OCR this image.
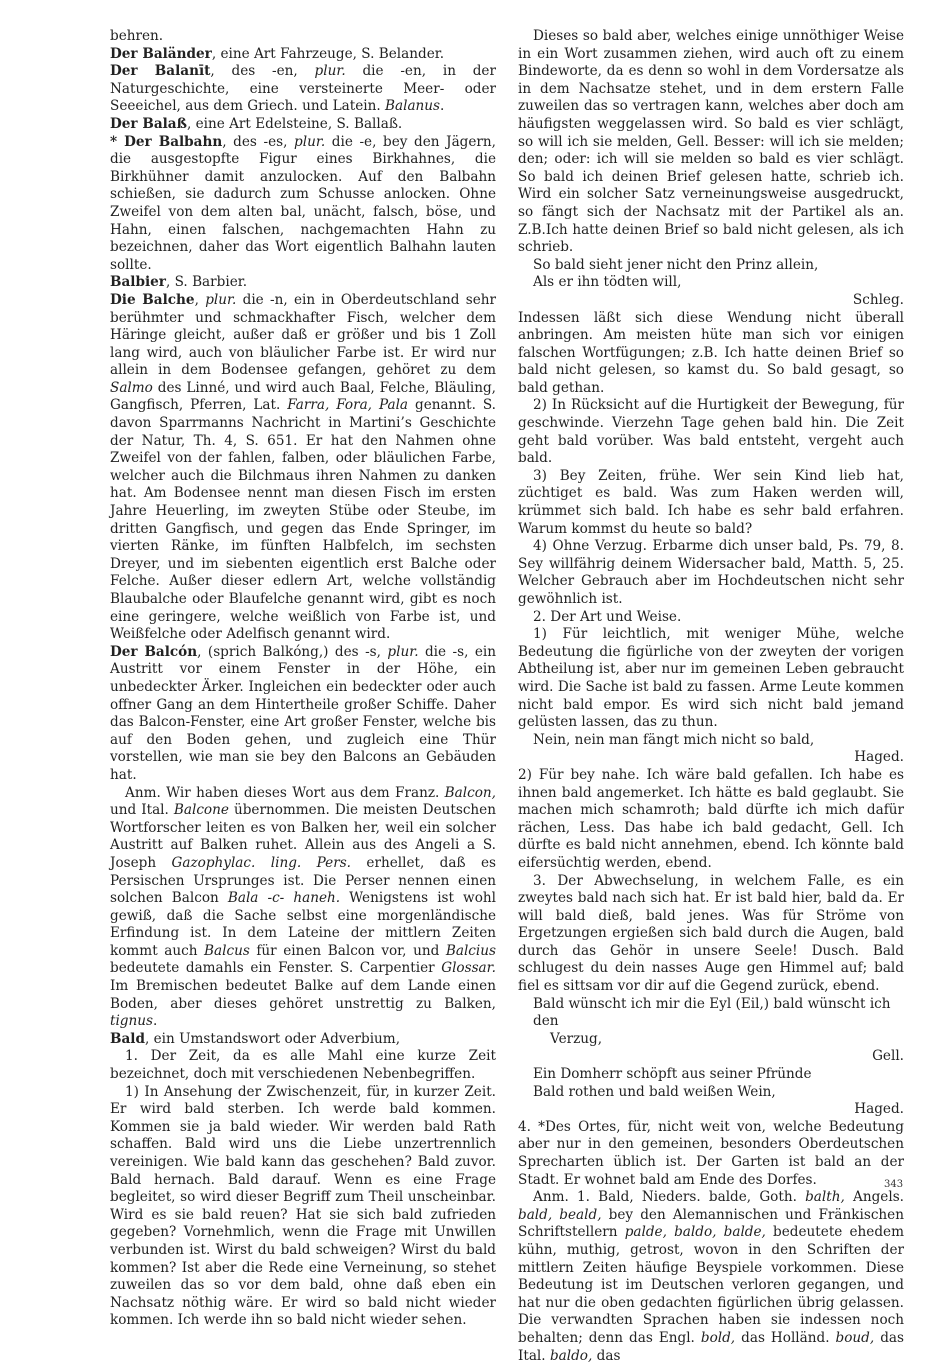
behren.

Der Baländer, eine Art Fahrzeuge, S. Belander.

Der Balanīt, des -en, plur. die -en, in der Naturgeschichte, eine versteinerte Meer- oder Seeeichel, aus dem Griech. und Latein. Balanus.

Der Balaß, eine Art Edelsteine, S. Ballaß.

* Der Balbahn, des -es, plur. die -e, bey den Jägern, die ausgestopfte Figur eines Birkhahnes, die Birkhühner damit anzulocken. Auf den Balbahn schießen, sie dadurch zum Schusse anlocken. Ohne Zweifel von dem alten bal, unächt, falsch, böse, und Hahn, einen falschen, nachgemachten Hahn zu bezeichnen, daher das Wort eigentlich Balhahn lauten sollte.

Balbier, S. Barbier.

Die Balche, plur. die -n, ein in Oberdeutschland sehr berühmter und schmackhafter Fisch, welcher dem Häringe gleicht, außer daß er größer und bis 1 Zoll lang wird, auch von bläulicher Farbe ist. Er wird nur allein in dem Bodensee gefangen, gehöret zu dem Salmo des Linné, und wird auch Baal, Felche, Bläuling, Gangfisch, Pferren, Lat. Farra, Fora, Pala genannt. S. davon Sparrmanns Nachricht in Martini’s Geschichte der Natur, Th. 4, S. 651. Er hat den Nahmen ohne Zweifel von der fahlen, falben, oder bläulichen Farbe, welcher auch die Bilchmaus ihren Nahmen zu danken hat. Am Bodensee nennt man diesen Fisch im ersten Jahre Heuerling, im zweyten Stübe oder Steube, im dritten Gangfisch, und gegen das Ende Springer, im vierten Ränke, im fünften Halbfelch, im sechsten Dreyer, und im siebenten eigentlich erst Balche oder Felche. Außer dieser edlern Art, welche vollständig Blaubalche oder Blaufelche genannt wird, gibt es noch eine geringere, welche weißlich von Farbe ist, und Weißfelche oder Adelfisch genannt wird.

Der Balcón, (sprich Balkóng,) des -s, plur. die -s, ein Austritt vor einem Fenster in der Höhe, ein unbedeckter Ärker. Ingleichen ein bedeckter oder auch offner Gang an dem Hintertheile großer Schiffe. Daher das Balcon-Fenster, eine Art großer Fenster, welche bis auf den Boden gehen, und zugleich eine Thür vorstellen, wie man sie bey den Balcons an Gebäuden hat.

Anm. Wir haben dieses Wort aus dem Franz. Balcon, und Ital. Balcone übernommen. Die meisten Deutschen Wortforscher leiten es von Balken her, weil ein solcher Austritt auf Balken ruhet. Allein aus des Angeli a S. Joseph Gazophylac. ling. Pers. erhellet, daß es Persischen Ursprunges ist. Die Perser nennen einen solchen Balcon Bala -c- haneh. Wenigstens ist wohl gewiß, daß die Sache selbst eine morgenländische Erfindung ist. In dem Lateine der mittlern Zeiten kommt auch Balcus für einen Balcon vor, und Balcius bedeutete damahls ein Fenster. S. Carpentier Glossar. Im Bremischen bedeutet Balke auf dem Lande einen Boden, aber dieses gehöret unstrettig zu Balken, tignus.

Bald, ein Umstandswort oder Adverbium,

1. Der Zeit, da es alle Mahl eine kurze Zeit bezeichnet, doch mit verschiedenen Nebenbegriffen.

1) In Ansehung der Zwischenzeit, für, in kurzer Zeit. Er wird bald sterben. Ich werde bald kommen. Kommen sie ja bald wieder. Wir werden bald Rath schaffen. Bald wird uns die Liebe unzertrennlich vereinigen. Wie bald kann das geschehen? Bald zuvor. Bald hernach. Bald darauf. Wenn es eine Frage begleitet, so wird dieser Begriff zum Theil unscheinbar. Wird es sie bald reuen? Hat sie sich bald zufrieden gegeben? Vornehmlich, wenn die Frage mit Unwillen verbunden ist. Wirst du bald schweigen? Wirst du bald kommen? Ist aber die Rede eine Verneinung, so stehet zuweilen das so vor dem bald, ohne daß eben ein Nachsatz nöthig wäre. Er wird so bald nicht wieder kommen. Ich werde ihn so bald nicht wieder sehen.

Dieses so bald aber, welches einige unnöthiger Weise in ein Wort zusammen ziehen, wird auch oft zu einem Bindeworte, da es denn so wohl in dem Vordersatze als in dem Nachsatze stehet, und in dem erstern Falle zuweilen das so vertragen kann, welches aber doch am häufigsten weggelassen wird. So bald es vier schlägt, so will ich sie melden, Gell. Besser: will ich sie melden; den; oder: ich will sie melden so bald es vier schlägt. So bald ich deinen Brief gelesen hatte, schrieb ich. Wird ein solcher Satz verneinungsweise ausgedruckt, so fängt sich der Nachsatz mit der Partikel als an. Z.B.Ich hatte deinen Brief so bald nicht gelesen, als ich schrieb.

So bald sieht jener nicht den Prinz allein,

Als er ihn tödten will,

Schleg.

Indessen läßt sich diese Wendung nicht überall anbringen. Am meisten hüte man sich vor einigen falschen Wortfügungen; z.B. Ich hatte deinen Brief so bald nicht gelesen, so kamst du. So bald gesagt, so bald gethan.

2) In Rücksicht auf die Hurtigkeit der Bewegung, für geschwinde. Vierzehn Tage gehen bald hin. Die Zeit geht bald vorüber. Was bald entsteht, vergeht auch bald.

3) Bey Zeiten, frühe. Wer sein Kind lieb hat, züchtiget es bald. Was zum Haken werden will, krümmet sich bald. Ich habe es sehr bald erfahren. Warum kommst du heute so bald?

4) Ohne Verzug. Erbarme dich unser bald, Ps. 79, 8. Sey willfährig deinem Widersacher bald, Matth. 5, 25. Welcher Gebrauch aber im Hochdeutschen nicht sehr gewöhnlich ist.

2. Der Art und Weise.

1) Für leichtlich, mit weniger Mühe, welche Bedeutung die figürliche von der zweyten der vorigen Abtheilung ist, aber nur im gemeinen Leben gebraucht wird. Die Sache ist bald zu fassen. Arme Leute kommen nicht bald empor. Es wird sich nicht bald jemand gelüsten lassen, das zu thun.

Nein, nein man fängt mich nicht so bald,

Haged.

2) Für bey nahe. Ich wäre bald gefallen. Ich habe es ihnen bald angemerket. Ich hätte es bald geglaubt. Sie machen mich schamroth; bald dürfte ich mich dafür rächen, Less. Das habe ich bald gedacht, Gell. Ich dürfte es bald nicht annehmen, ebend. Ich könnte bald eifersüchtig werden, ebend.

3. Der Abwechselung, in welchem Falle, es ein zweytes bald nach sich hat. Er ist bald hier, bald da. Er will bald dieß, bald jenes. Was für Ströme von Ergetzungen ergießen sich bald durch die Augen, bald durch das Gehör in unsere Seele! Dusch. Bald schlugest du dein nasses Auge gen Himmel auf; bald fiel es sittsam vor dir auf die Gegend zurück, ebend.

Bald wünscht ich mir die Eyl (Eil,) bald wünscht ich den

Verzug,

Gell.

Ein Domherr schöpft aus seiner Pfründe

Bald rothen und bald weißen Wein,

Haged.

4. *Des Ortes, für, nicht weit von, welche Bedeutung aber nur in den gemeinen, besonders Oberdeutschen Sprecharten üblich ist. Der Garten ist bald an der Stadt. Er wohnet bald am Ende des Dorfes.

Anm. 1. Bald, Nieders. balde, Goth. balth, Angels. bald, beald, bey den Alemannischen und Fränkischen Schriftstellern palde, baldo, balde, bedeutete ehedem kühn, muthig, getrost, wovon in den Schriften der mittlern Zeiten häufige Beyspiele vorkommen. Diese Bedeutung ist im Deutschen verloren gegangen, und hat nur die oben gedachten figürlichen übrig gelassen. Die verwandten Sprachen haben sie indessen noch behalten; denn das Engl. bold, das Holländ. boud, das Ital. baldo, das

343
